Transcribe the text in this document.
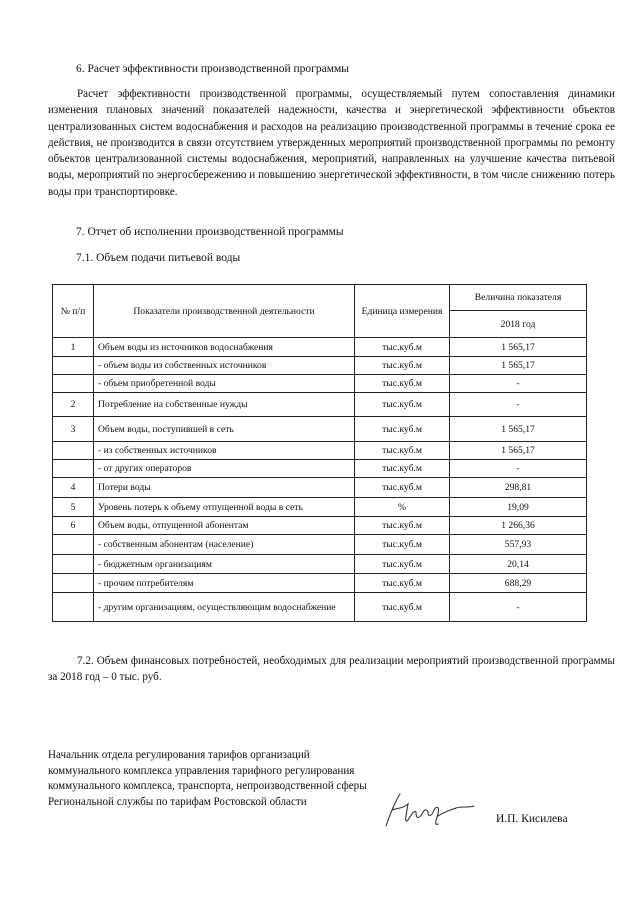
6. Расчет эффективности производственной программы

Расчет эффективности производственной программы, осуществляемый путем сопоставления динамики изменения плановых значений показателей надежности, качества и энергетической эффективности объектов централизованных систем водоснабжения и расходов на реализацию производственной программы в течение срока ее действия, не производится в связи отсутствием утвержденных мероприятий производственной программы по ремонту объектов централизованной системы водоснабжения, мероприятий, направленных на улучшение качества питьевой воды, мероприятий по энергосбережению и повышению энергетической эффективности, в том числе снижению потерь воды при транспортировке.

7. Отчет об исполнении производственной программы
7.1. Объем подачи питьевой воды
№ п/п	Показатели производственной деятельности	Единица измерения	Величина показателя
			2018 год
1	Объем воды из источников водоснабжения	тыс.куб.м	1 565,17
	- объем воды из собственных источников	тыс.куб.м	1 565,17
	- объем приобретенной воды	тыс.куб.м	-
2	Потребление на собственные нужды	тыс.куб.м	-
3	Объем воды, поступившей в сеть	тыс.куб.м	1 565,17
	- из собственных источников	тыс.куб.м	1 565,17
	- от других операторов	тыс.куб.м	-
4	Потери воды	тыс.куб.м	298,81
5	Уровень потерь к объему отпущенной воды в сеть	%	19,09
6	Объем воды, отпущенной абонентам	тыс.куб.м	1 266,36
	- собственным абонентам (население)	тыс.куб.м	557,93
	- бюджетным организациям	тыс.куб.м	20,14
	- прочим потребителям	тыс.куб.м	688,29
	- другим организациям, осуществляющим водоснабжение	тыс.куб.м	-

7.2. Объем финансовых потребностей, необходимых для реализации мероприятий производственной программы за 2018 год – 0 тыс. руб.

Начальник отдела регулирования тарифов организаций коммунального комплекса управления тарифного регулирования коммунального комплекса, транспорта, непроизводственной сферы Региональной службы по тарифам Ростовской области

И.П. Кисилева
